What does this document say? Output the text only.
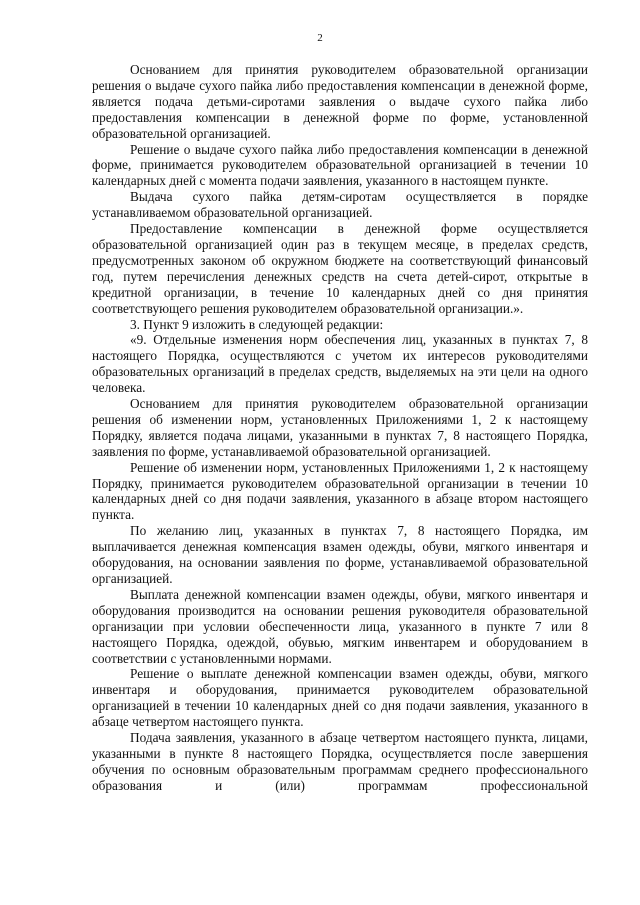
2

Основанием для принятия руководителем образовательной организации решения о выдаче сухого пайка либо предоставления компенсации в денежной форме, является подача детьми-сиротами заявления о выдаче сухого пайка либо предоставления компенсации в денежной форме по форме, установленной образовательной организацией.

Решение о выдаче сухого пайка либо предоставления компенсации в денежной форме, принимается руководителем образовательной организацией в течении 10 календарных дней с момента подачи заявления, указанного в настоящем пункте.

Выдача сухого пайка детям-сиротам осуществляется в порядке устанавливаемом образовательной организацией.

Предоставление компенсации в денежной форме осуществляется образовательной организацией один раз в текущем месяце, в пределах средств, предусмотренных законом об окружном бюджете на соответствующий финансовый год, путем перечисления денежных средств на счета детей-сирот, открытые в кредитной организации, в течение 10 календарных дней со дня принятия соответствующего решения руководителем образовательной организации.».

3. Пункт 9 изложить в следующей редакции:

«9. Отдельные изменения норм обеспечения лиц, указанных в пунктах 7, 8 настоящего Порядка, осуществляются с учетом их интересов руководителями образовательных организаций в пределах средств, выделяемых на эти цели на одного человека.

Основанием для принятия руководителем образовательной организации решения об изменении норм, установленных Приложениями 1, 2 к настоящему Порядку, является подача лицами, указанными в пунктах 7, 8 настоящего Порядка, заявления по форме, устанавливаемой образовательной организацией.

Решение об изменении норм, установленных Приложениями 1, 2 к настоящему Порядку, принимается руководителем образовательной организации в течении 10 календарных дней со дня подачи заявления, указанного в абзаце втором настоящего пункта.

По желанию лиц, указанных в пунктах 7, 8 настоящего Порядка, им выплачивается денежная компенсация взамен одежды, обуви, мягкого инвентаря и оборудования, на основании заявления по форме, устанавливаемой образовательной организацией.

Выплата денежной компенсации взамен одежды, обуви, мягкого инвентаря и оборудования производится на основании решения руководителя образовательной организации при условии обеспеченности лица, указанного в пункте 7 или 8 настоящего Порядка, одеждой, обувью, мягким инвентарем и оборудованием в соответствии с установленными нормами.

Решение о выплате денежной компенсации взамен одежды, обуви, мягкого инвентаря и оборудования, принимается руководителем образовательной организацией в течении 10 календарных дней со дня подачи заявления, указанного в абзаце четвертом настоящего пункта.

Подача заявления, указанного в абзаце четвертом настоящего пункта, лицами, указанными в пункте 8 настоящего Порядка, осуществляется после завершения обучения по основным образовательным программам среднего профессионального образования и (или) программам профессиональной
